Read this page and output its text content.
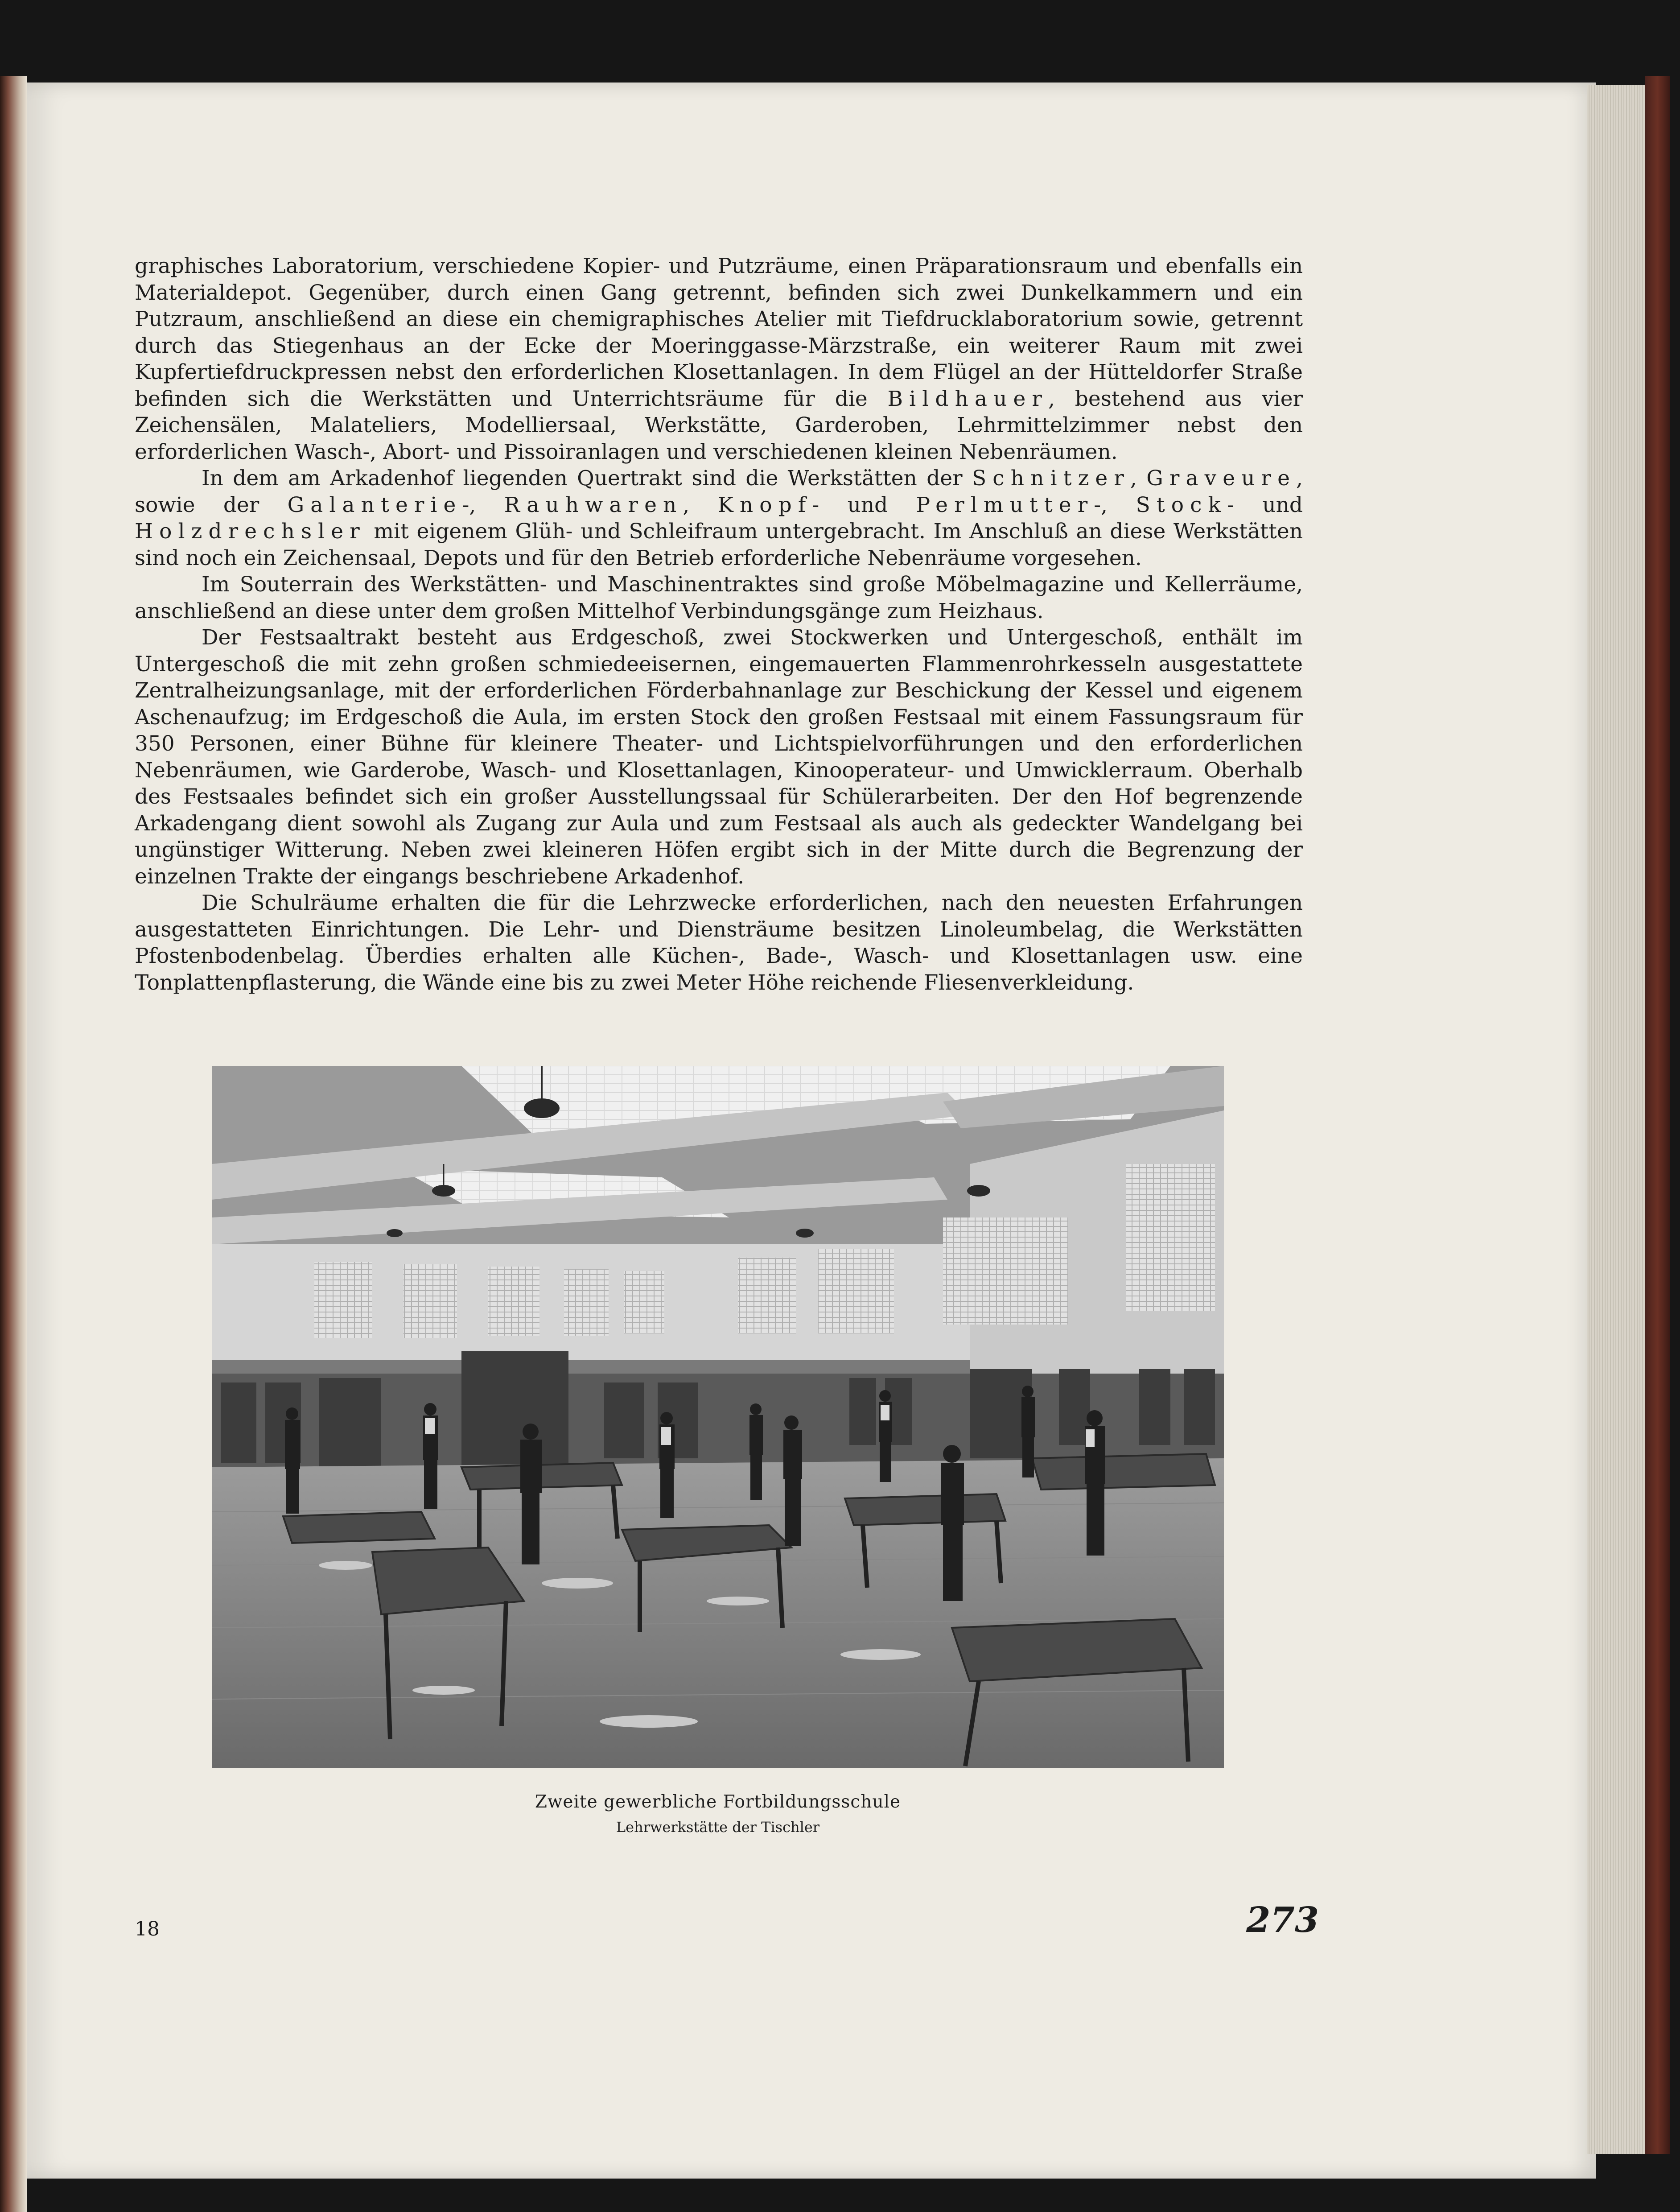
graphisches Laboratorium, verschiedene Kopier- und Putzräume, einen Präparationsraum und ebenfalls ein Materialdepot. Gegenüber, durch einen Gang getrennt, befinden sich zwei Dunkelkammern und ein Putzraum, anschließend an diese ein chemigraphisches Atelier mit Tiefdrucklaboratorium sowie, getrennt durch das Stiegenhaus an der Ecke der Moeringgasse-Märzstraße, ein weiterer Raum mit zwei Kupfertiefdruckpressen nebst den erforderlichen Klosettanlagen. In dem Flügel an der Hütteldorfer Straße befinden sich die Werkstätten und Unterrichtsräume für die Bildhauer, bestehend aus vier Zeichensälen, Malateliers, Modelliersaal, Werkstätte, Garderoben, Lehrmittelzimmer nebst den erforderlichen Wasch-, Abort- und Pissoiranlagen und verschiedenen kleinen Nebenräumen.

In dem am Arkadenhof liegenden Quertrakt sind die Werkstätten der Schnitzer, Graveure, sowie der Galanterie-, Rauhwaren, Knopf- und Perlmutter-, Stock- und Holzdrechsler mit eigenem Glüh- und Schleifraum untergebracht. Im Anschluß an diese Werkstätten sind noch ein Zeichensaal, Depots und für den Betrieb erforderliche Nebenräume vorgesehen.

Im Souterrain des Werkstätten- und Maschinentraktes sind große Möbelmagazine und Kellerräume, anschließend an diese unter dem großen Mittelhof Verbindungsgänge zum Heizhaus.

Der Festsaaltrakt besteht aus Erdgeschoß, zwei Stockwerken und Untergeschoß, enthält im Untergeschoß die mit zehn großen schmiedeeisernen, eingemauerten Flammenrohrkesseln ausgestattete Zentralheizungsanlage, mit der erforderlichen Förderbahnanlage zur Beschickung der Kessel und eigenem Aschenaufzug; im Erdgeschoß die Aula, im ersten Stock den großen Festsaal mit einem Fassungsraum für 350 Personen, einer Bühne für kleinere Theater- und Lichtspielvorführungen und den erforderlichen Nebenräumen, wie Garderobe, Wasch- und Klosettanlagen, Kinooperateur- und Umwicklerraum. Oberhalb des Festsaales befindet sich ein großer Ausstellungssaal für Schülerarbeiten. Der den Hof begrenzende Arkadengang dient sowohl als Zugang zur Aula und zum Festsaal als auch als gedeckter Wandelgang bei ungünstiger Witterung. Neben zwei kleineren Höfen ergibt sich in der Mitte durch die Begrenzung der einzelnen Trakte der eingangs beschriebene Arkadenhof.

Die Schulräume erhalten die für die Lehrzwecke erforderlichen, nach den neuesten Erfahrungen ausgestatteten Einrichtungen. Die Lehr- und Diensträume besitzen Linoleumbelag, die Werkstätten Pfostenbodenbelag. Überdies erhalten alle Küchen-, Bade-, Wasch- und Klosettanlagen usw. eine Tonplattenpflasterung, die Wände eine bis zu zwei Meter Höhe reichende Fliesenverkleidung.

Zweite gewerbliche Fortbildungsschule
Lehrwerkstätte der Tischler
18	273
